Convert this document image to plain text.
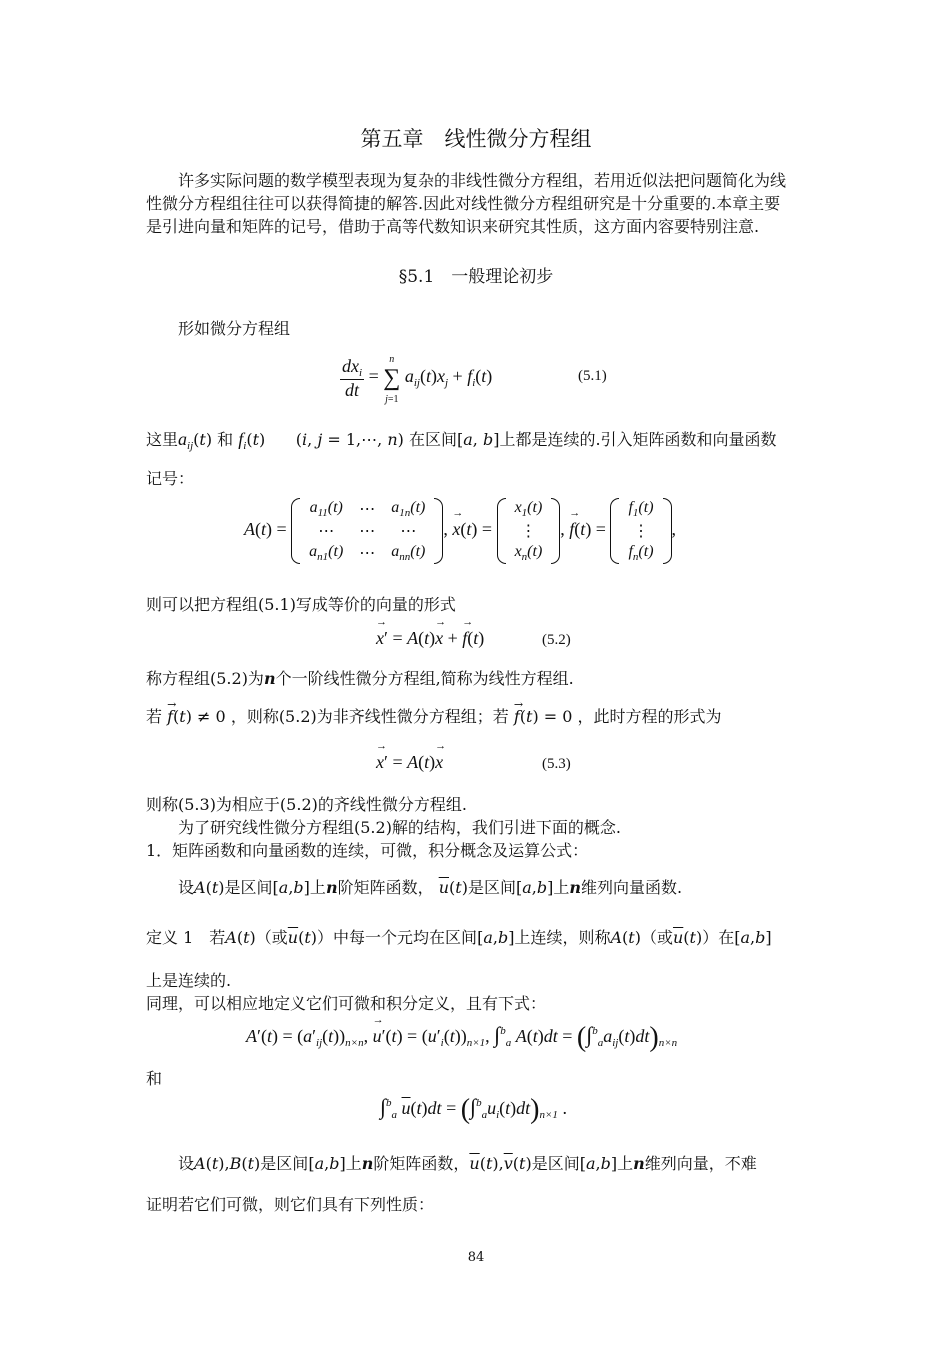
第五章　线性微分方程组
许多实际问题的数学模型表现为复杂的非线性微分方程组，若用近似法把问题简化为线
性微分方程组往往可以获得简捷的解答.因此对线性微分方程组研究是十分重要的.本章主要
是引进向量和矩阵的记号，借助于高等代数知识来研究其性质，这方面内容要特别注意.
§5.1　一般理论初步
形如微分方程组
$\frac{dx_i}{dt} = n$
∑
j=1 $a_{ij}(t)x_j + f_i(t)$	(5.1)
这里$a_{ij}(t)$ 和 $f_i(t)$      (i, j = 1,⋯, n) 在区间[a, b]上都是连续的.引入矩阵函数和向量函数
记号：
A(t) =
$a_{11}(t)$	⋯	$a_{1n}(t)$
⋯	⋯	⋯
$a_{n1}(t)$	⋯	$a_{nn}(t)$
, → x(t) =
$x_1(t)$
⋮
$x_n(t)$
, → f(t) =
$f_1(t)$
⋮
$f_n(t)$
,
则可以把方程组(5.1)写成等价的向量的形式
→ x′ = A(t)→ x + → f(t)	(5.2)
称方程组(5.2)为n个一阶线性微分方程组,简称为线性方程组.
若 → f(t) ≠ 0 ，则称(5.2)为非齐线性微分方程组；若 → f(t) = 0 ，此时方程的形式为
→ x′ = A(t)→ x	(5.3)
则称(5.3)为相应于(5.2)的齐线性微分方程组.
为了研究线性微分方程组(5.2)解的结构，我们引进下面的概念.
1．矩阵函数和向量函数的连续，可微，积分概念及运算公式：
设A(t)是区间[a,b]上n阶矩阵函数， $\overline{u}(t)$是区间[a,b]上n维列向量函数.
定义 1　若A(t)（或$\overline{u}(t)$）中每一个元均在区间[a,b]上连续，则称A(t)（或$\overline{u}(t)$）在[a,b]
上是连续的.
同理，可以相应地定义它们可微和积分定义，且有下式：
$A'(t) = (a'_{ij}(t))_{n\times n}$, → $u'(t) = (u'_i(t))_{n\times 1}$, ∫$^b_a$ $A(t)dt = (\int^b_aa_{ij}(t)dt)_{n\times n}$
和
∫$^b_a$ $\overline{u}(t)dt = (\int^b_au_i(t)dt)_{n\times 1}$ .
设A(t),B(t)是区间[a,b]上n阶矩阵函数，$\overline{u}(t),\overline{v}(t)$是区间[a,b]上n维列向量，不难
证明若它们可微，则它们具有下列性质：
84
